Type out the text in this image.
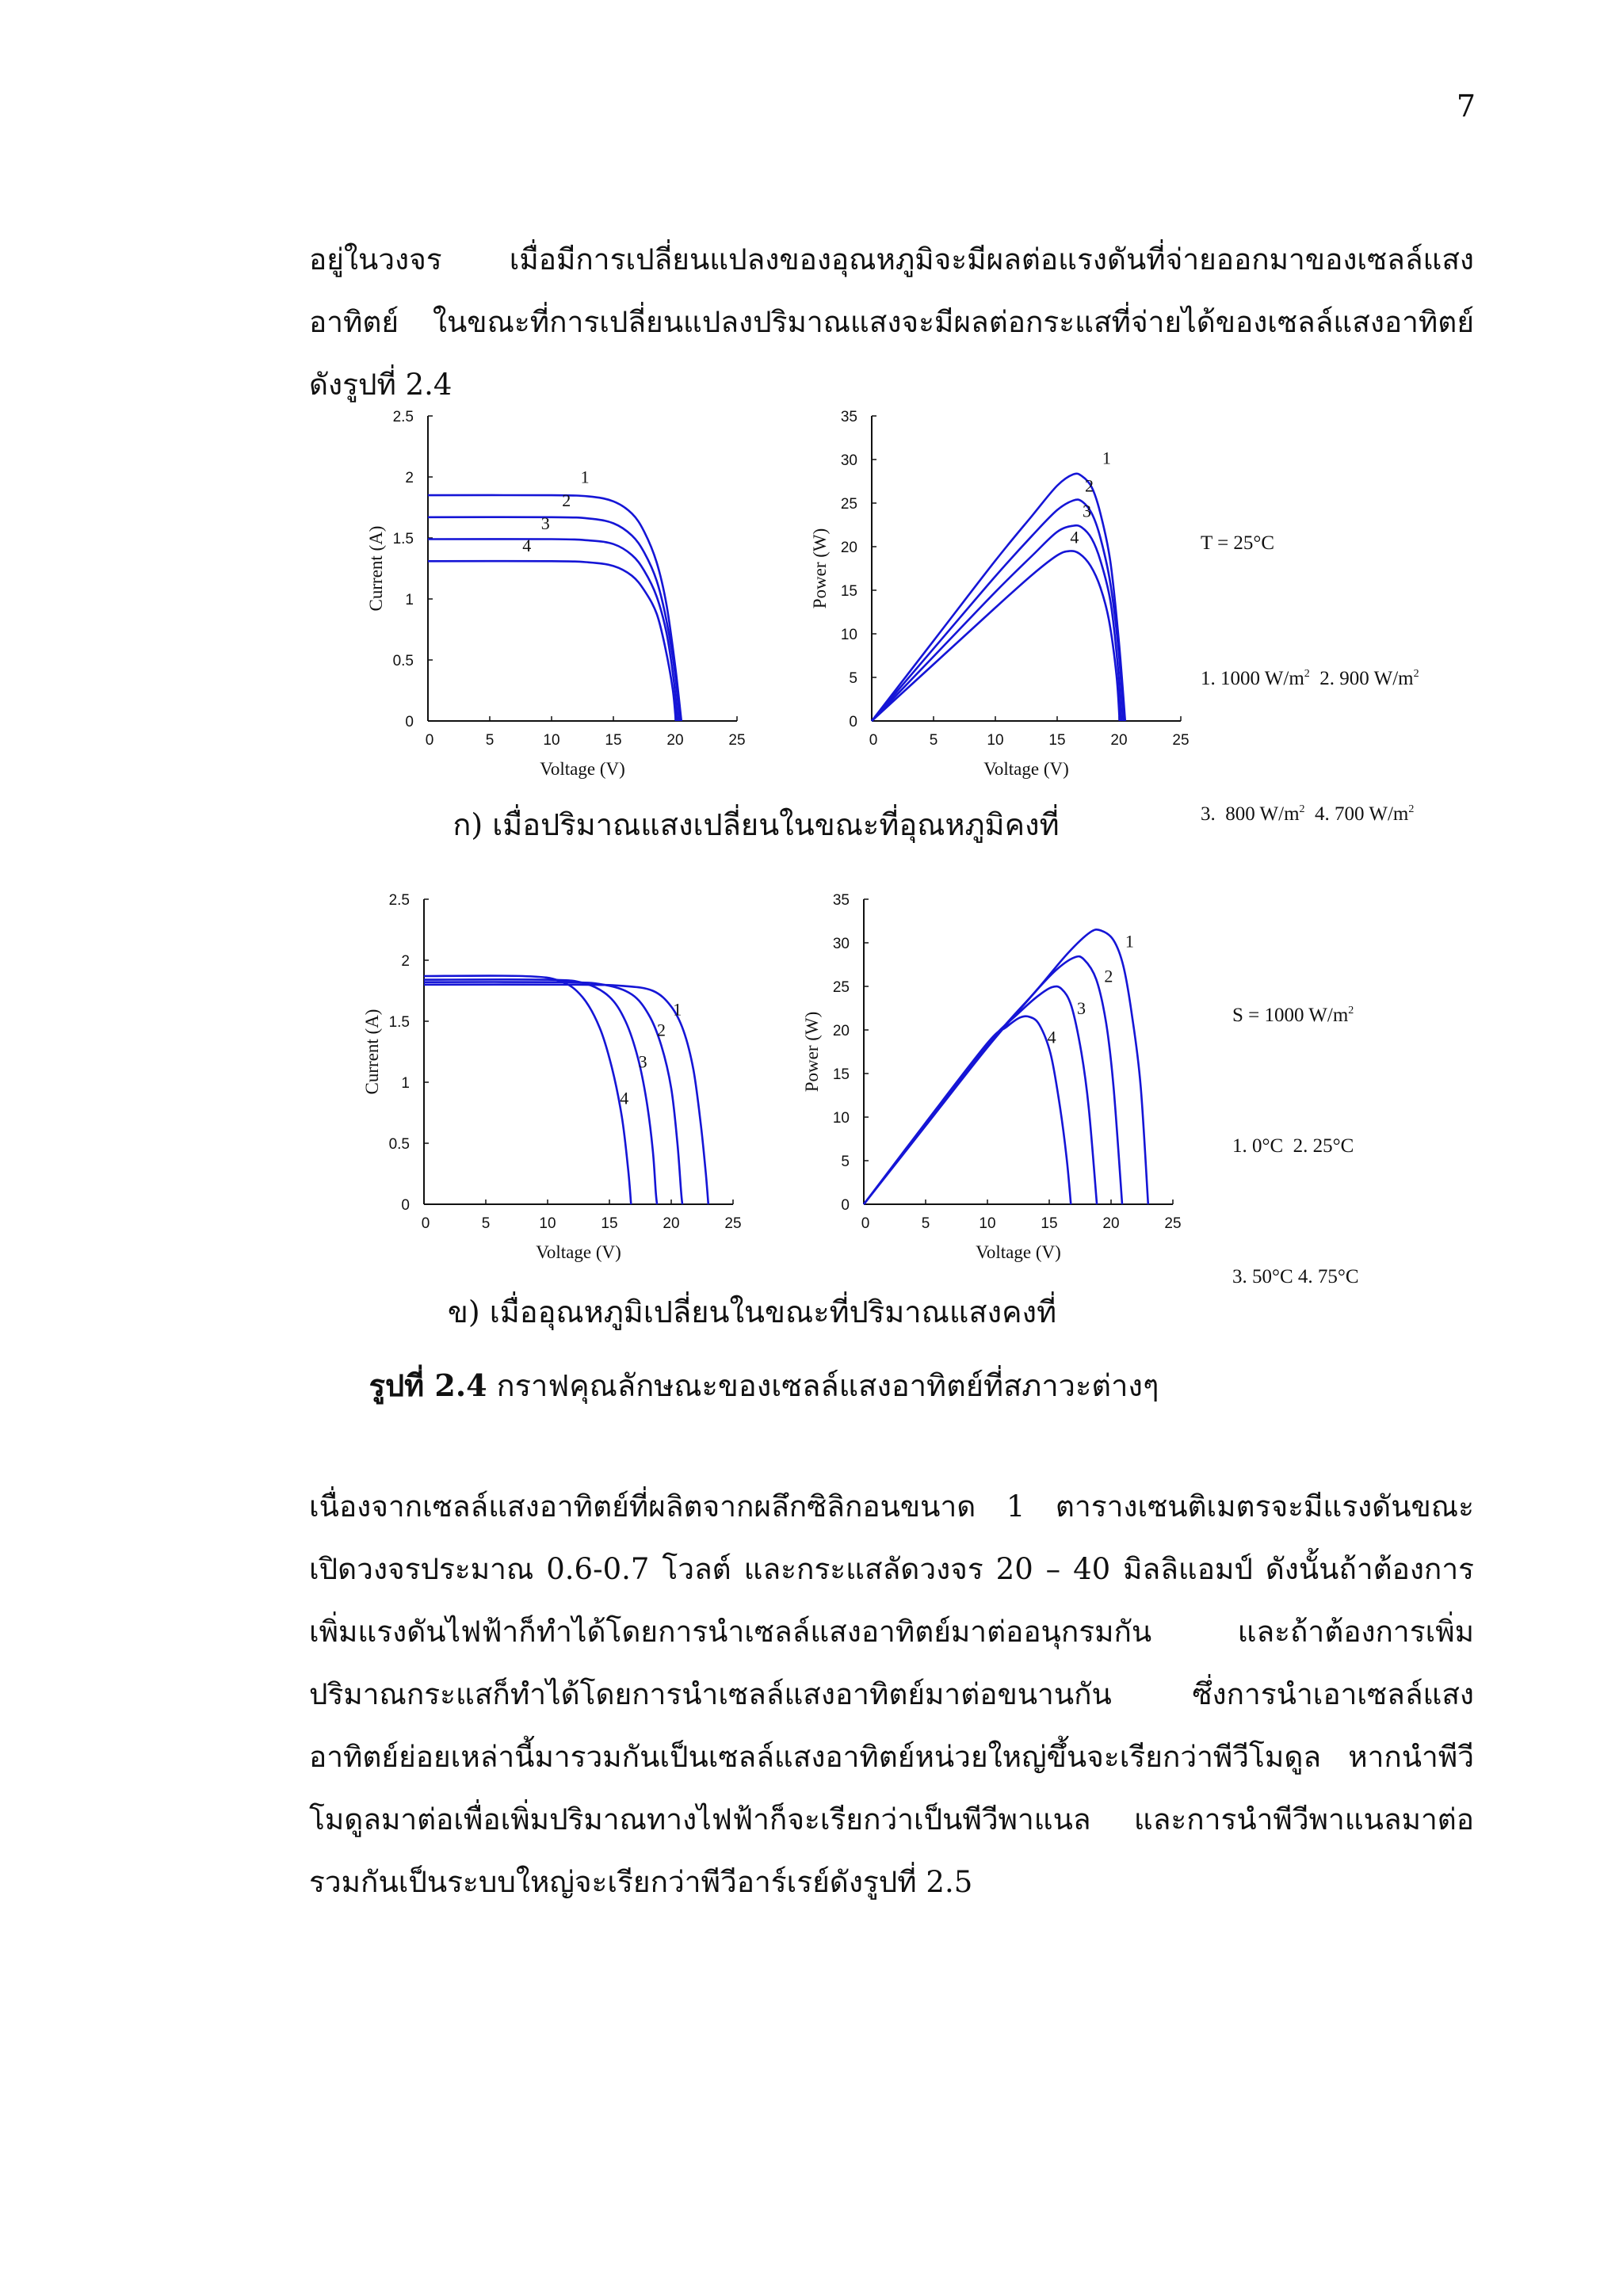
7
อยู่ในวงจร เมื่อมีการเปลี่ยนแปลงของอุณหภูมิจะมีผลต่อแรงดันที่จ่ายออกมาของเซลล์แสงอาทิตย์ ในขณะที่การเปลี่ยนแปลงปริมาณแสงจะมีผลต่อกระแสที่จ่ายได้ของเซลล์แสงอาทิตย์ดังรูปที่ 2.4
0	5	10	15	20	25
0
0.5
1
1.5
2
2.5
Voltage (V)
Current (A)
1
2
3
4
0	5	10	15	20	25
0
5
10
15
20
25
30
35
Voltage (V)
Power (W)
1
2
3
4

	T = 25°C

1. 1000 $W/m^2$  2. 900 $W/m^2$

3.  800 $W/m^2$  4. 700 $W/m^2$

ก) เมื่อปริมาณแสงเปลี่ยนในขณะที่อุณหภูมิคงที่
0	5	10	15	20	25
0
0.5
1
1.5
2
2.5
Voltage (V)
Current (A)	1
2
3
4
0	5	10	15	20	25
0
5
10
15
20
25
30
35
Voltage (V)
Power (W)
1
2
3
4

S = 1000 $W/m^2$

1. 0°C  2. 25°C

3. 50°C 4. 75°C

ข) เมื่ออุณหภูมิเปลี่ยนในขณะที่ปริมาณแสงคงที่
รูปที่ 2.4 กราฟคุณลักษณะของเซลล์แสงอาทิตย์ที่สภาวะต่างๆ
เนื่องจากเซลล์แสงอาทิตย์ที่ผลิตจากผลึกซิลิกอนขนาด 1 ตารางเซนติเมตรจะมีแรงดันขณะเปิดวงจรประมาณ 0.6-0.7 โวลต์ และกระแสลัดวงจร 20 – 40 มิลลิแอมป์ ดังนั้นถ้าต้องการเพิ่มแรงดันไฟฟ้าก็ทำได้โดยการนำเซลล์แสงอาทิตย์มาต่ออนุกรมกัน และถ้าต้องการเพิ่มปริมาณกระแสก็ทำได้โดยการนำเซลล์แสงอาทิตย์มาต่อขนานกัน ซึ่งการนำเอาเซลล์แสงอาทิตย์ย่อยเหล่านี้มารวมกันเป็นเซลล์แสงอาทิตย์หน่วยใหญ่ขึ้นจะเรียกว่าพีวีโมดูล หากนำพีวีโมดูลมาต่อเพื่อเพิ่มปริมาณทางไฟฟ้าก็จะเรียกว่าเป็นพีวีพาแนล และการนำพีวีพาแนลมาต่อรวมกันเป็นระบบใหญ่จะเรียกว่าพีวีอาร์เรย์ดังรูปที่ 2.5
